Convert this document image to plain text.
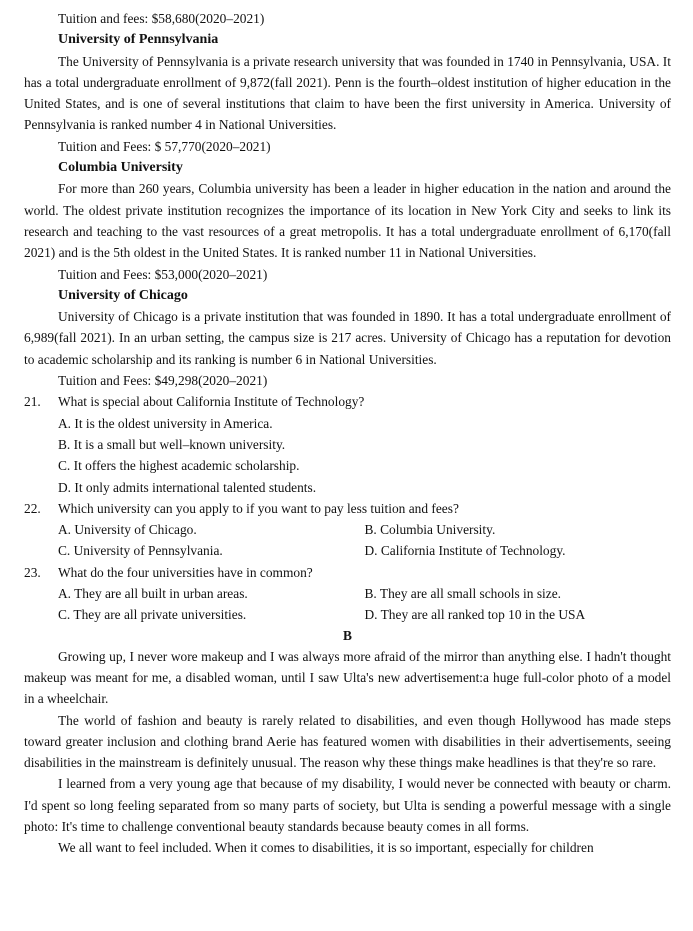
Tuition and fees: $58,680(2020–2021)
University of Pennsylvania
The University of Pennsylvania is a private research university that was founded in 1740 in Pennsylvania, USA. It has a total undergraduate enrollment of 9,872(fall 2021). Penn is the fourth–oldest institution of higher education in the United States, and is one of several institutions that claim to have been the first university in America. University of Pennsylvania is ranked number 4 in National Universities.
Tuition and Fees: $ 57,770(2020–2021)
Columbia University
For more than 260 years, Columbia university has been a leader in higher education in the nation and around the world. The oldest private institution recognizes the importance of its location in New York City and seeks to link its research and teaching to the vast resources of a great metropolis. It has a total undergraduate enrollment of 6,170(fall 2021) and is the 5th oldest in the United States. It is ranked number 11 in National Universities.
Tuition and Fees: $53,000(2020–2021)
University of Chicago
University of Chicago is a private institution that was founded in 1890. It has a total undergraduate enrollment of 6,989(fall 2021). In an urban setting, the campus size is 217 acres. University of Chicago has a reputation for devotion to academic scholarship and its ranking is number 6 in National Universities.
Tuition and Fees: $49,298(2020–2021)
21.	What is special about California Institute of Technology?
A. It is the oldest university in America.
B. It is a small but well–known university.
C. It offers the highest academic scholarship.
D. It only admits international talented students.
22.	Which university can you apply to if you want to pay less tuition and fees?
A. University of Chicago.	B. Columbia University.
C. University of Pennsylvania.	D. California Institute of Technology.
23.	What do the four universities have in common?
A. They are all built in urban areas.	B. They are all small schools in size.
C. They are all private universities.	D. They are all ranked top 10 in the USA
B
Growing up, I never wore makeup and I was always more afraid of the mirror than anything else. I hadn't thought makeup was meant for me, a disabled woman, until I saw Ulta's new advertisement:a huge full-color photo of a model in a wheelchair.
The world of fashion and beauty is rarely related to disabilities, and even though Hollywood has made steps toward greater inclusion and clothing brand Aerie has featured women with disabilities in their advertisements, seeing disabilities in the mainstream is definitely unusual. The reason why these things make headlines is that they're so rare.
I learned from a very young age that because of my disability, I would never be connected with beauty or charm. I'd spent so long feeling separated from so many parts of society, but Ulta is sending a powerful message with a single photo: It's time to challenge conventional beauty standards because beauty comes in all forms.
We all want to feel included. When it comes to disabilities, it is so important, especially for children
